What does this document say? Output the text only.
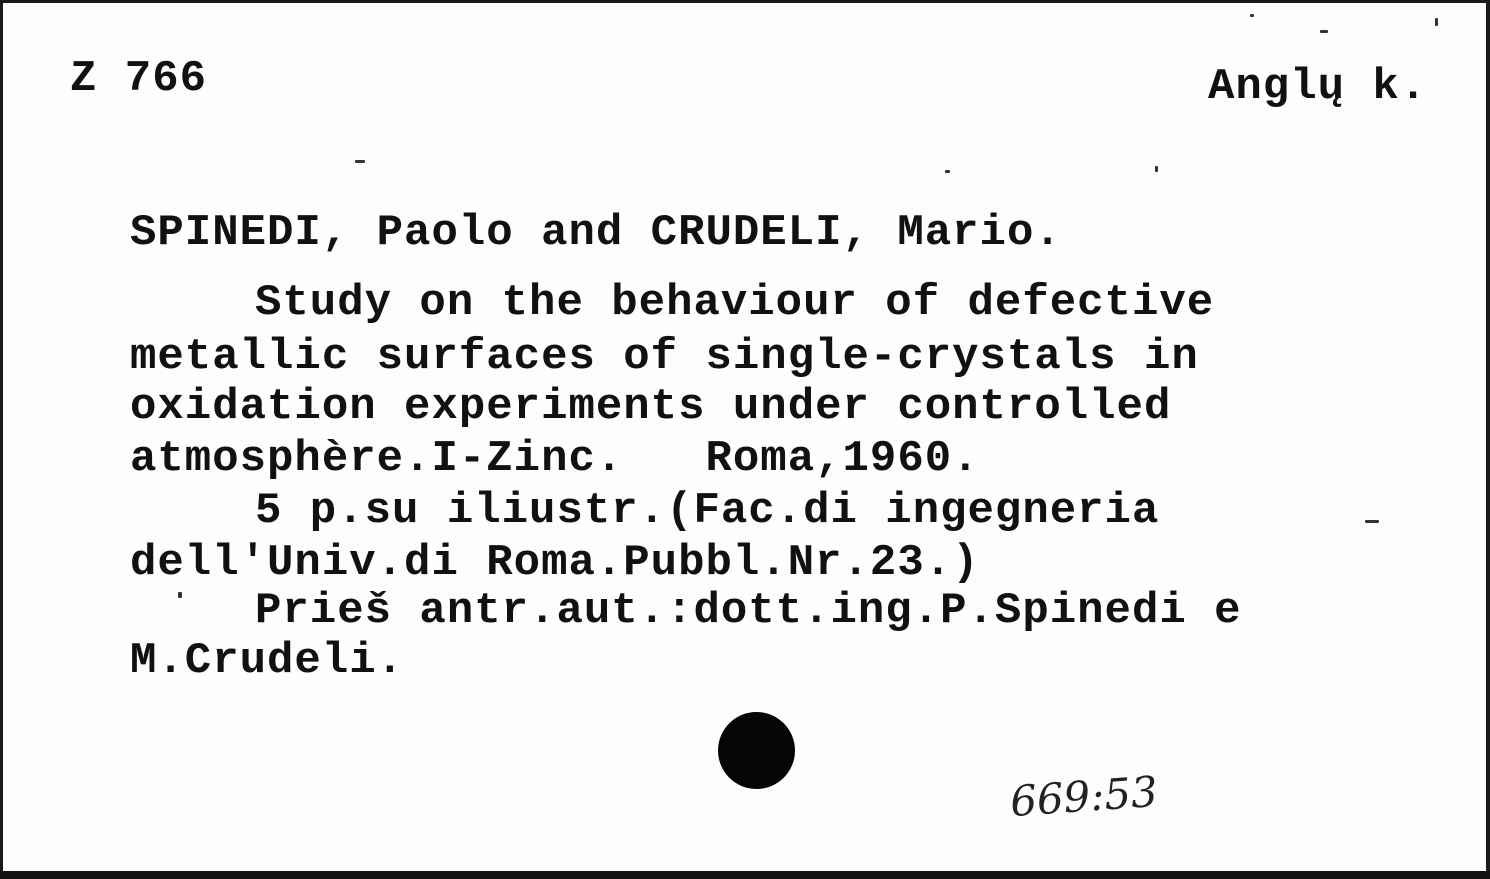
Z 766	Anglų k.
SPINEDI, Paolo and CRUDELI, Mario.
Study on the behaviour of defective
metallic surfaces of single-crystals in
oxidation experiments under controlled
atmosphère.I-Zinc.   Roma,1960.
5 p.su iliustr.(Fac.di ingegneria
dell'Univ.di Roma.Pubbl.Nr.23.)
Prieš antr.aut.:dott.ing.P.Spinedi e
M.Crudeli.
669:53
